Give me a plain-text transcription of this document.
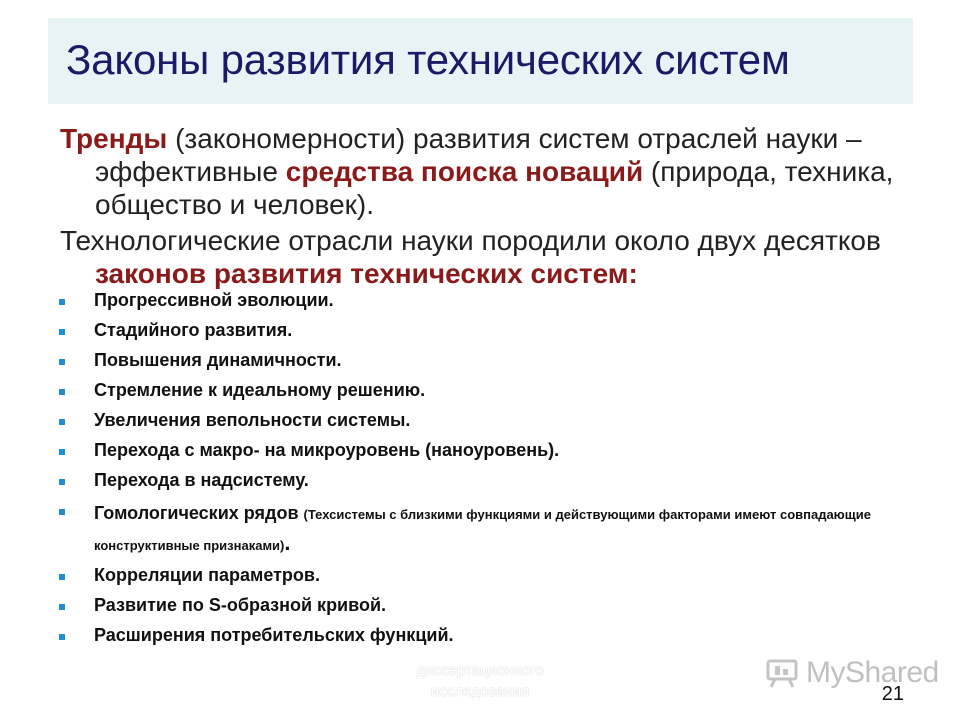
Законы развития технических систем

Тренды (закономерности) развития систем отраслей науки – эффективные средства поиска новаций (природа, техника, общество и человек).

Технологические отрасли науки породили около двух десятков законов развития технических систем:

Прогрессивной эволюции.
Стадийного развития.
Повышения динамичности.
Стремление к идеальному решению.
Увеличения вепольности системы.
Перехода с макро- на микроуровень (наноуровень).
Перехода в надсистему.
Гомологических рядов (Техсистемы с близкими функциями и действующими факторами имеют совпадающие конструктивные признаками).
Корреляции параметров.
Развитие по S-образной кривой.
Расширения потребительских функций.
диссертационного
исследования
MyShared
21
